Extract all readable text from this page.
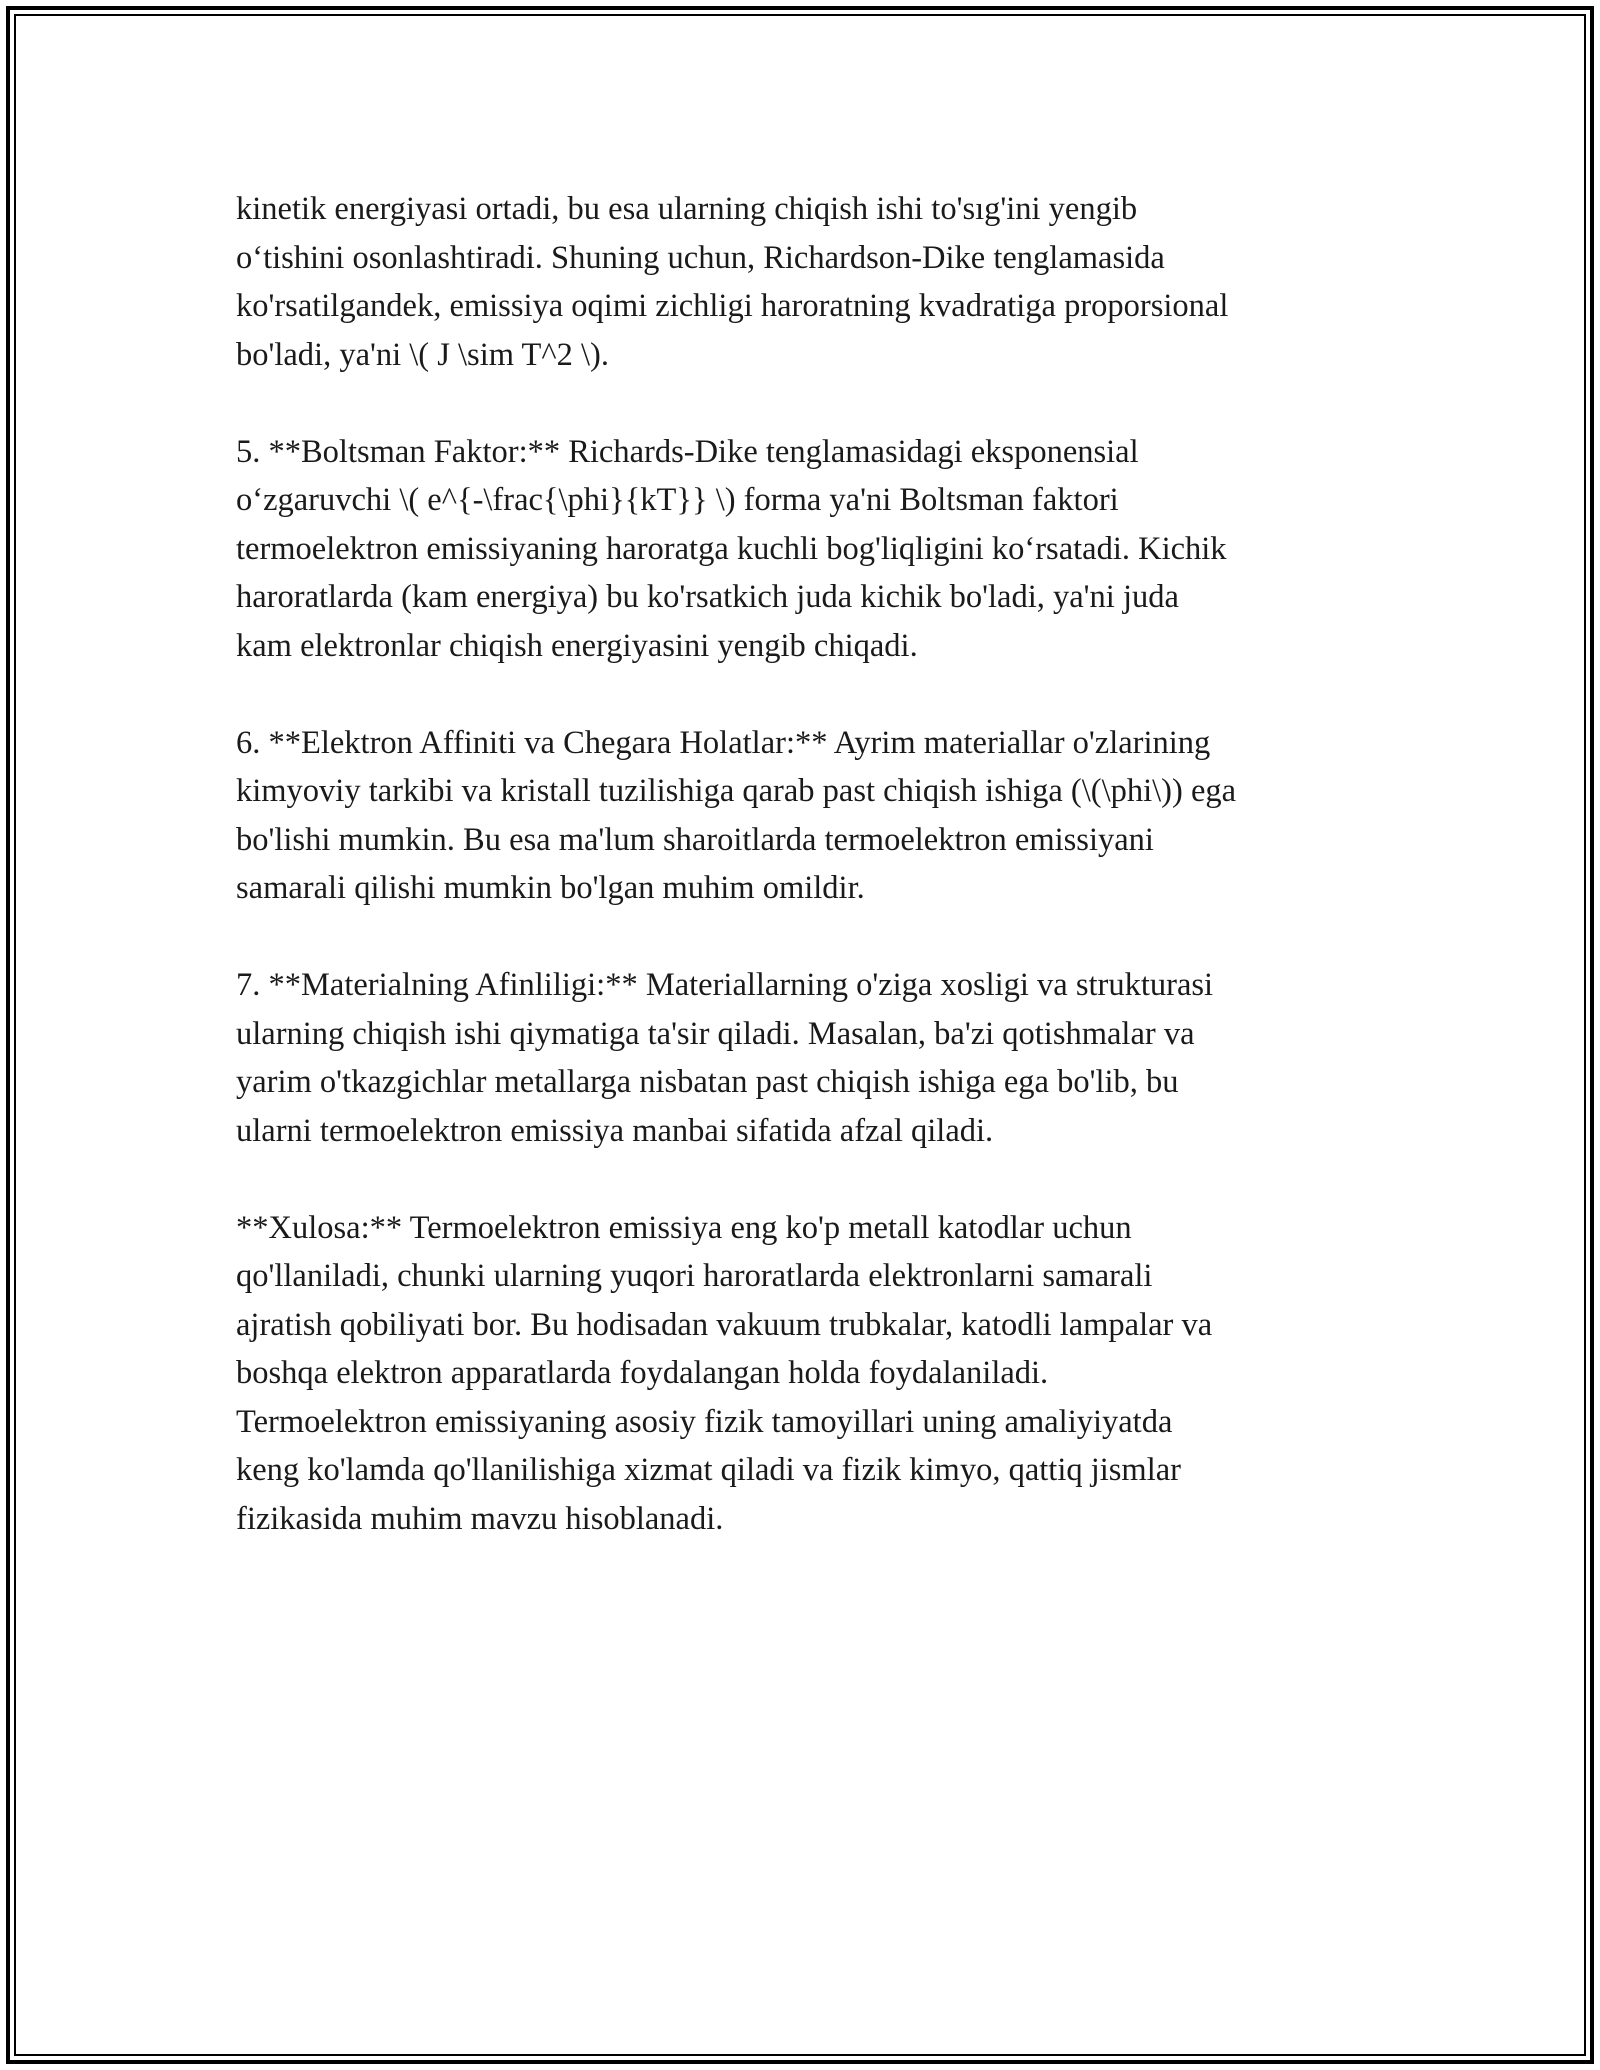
kinetik energiyasi ortadi, bu esa ularning chiqish ishi to'sıg'ini yengib
o‘tishini osonlashtiradi. Shuning uchun, Richardson-Dike tenglamasida
ko'rsatilgandek, emissiya oqimi zichligi haroratning kvadratiga proporsional
bo'ladi, ya'ni \( J \sim T^2 \).

5. **Boltsman Faktor:** Richards-Dike tenglamasidagi eksponensial
o‘zgaruvchi \( e^{-\frac{\phi}{kT}} \) forma ya'ni Boltsman faktori
termoelektron emissiyaning haroratga kuchli bog'liqligini ko‘rsatadi. Kichik
haroratlarda (kam energiya) bu ko'rsatkich juda kichik bo'ladi, ya'ni juda
kam elektronlar chiqish energiyasini yengib chiqadi.

6. **Elektron Affiniti va Chegara Holatlar:** Ayrim materiallar o'zlarining
kimyoviy tarkibi va kristall tuzilishiga qarab past chiqish ishiga (\(\phi\)) ega
bo'lishi mumkin. Bu esa ma'lum sharoitlarda termoelektron emissiyani
samarali qilishi mumkin bo'lgan muhim omildir.

7. **Materialning Afinliligi:** Materiallarning o'ziga xosligi va strukturasi
ularning chiqish ishi qiymatiga ta'sir qiladi. Masalan, ba'zi qotishmalar va
yarim o'tkazgichlar metallarga nisbatan past chiqish ishiga ega bo'lib, bu
ularni termoelektron emissiya manbai sifatida afzal qiladi.

**Xulosa:** Termoelektron emissiya eng ko'p metall katodlar uchun
qo'llaniladi, chunki ularning yuqori haroratlarda elektronlarni samarali
ajratish qobiliyati bor. Bu hodisadan vakuum trubkalar, katodli lampalar va
boshqa elektron apparatlarda foydalangan holda foydalaniladi.
Termoelektron emissiyaning asosiy fizik tamoyillari uning amaliyiyatda
keng ko'lamda qo'llanilishiga xizmat qiladi va fizik kimyo, qattiq jismlar
fizikasida muhim mavzu hisoblanadi.
